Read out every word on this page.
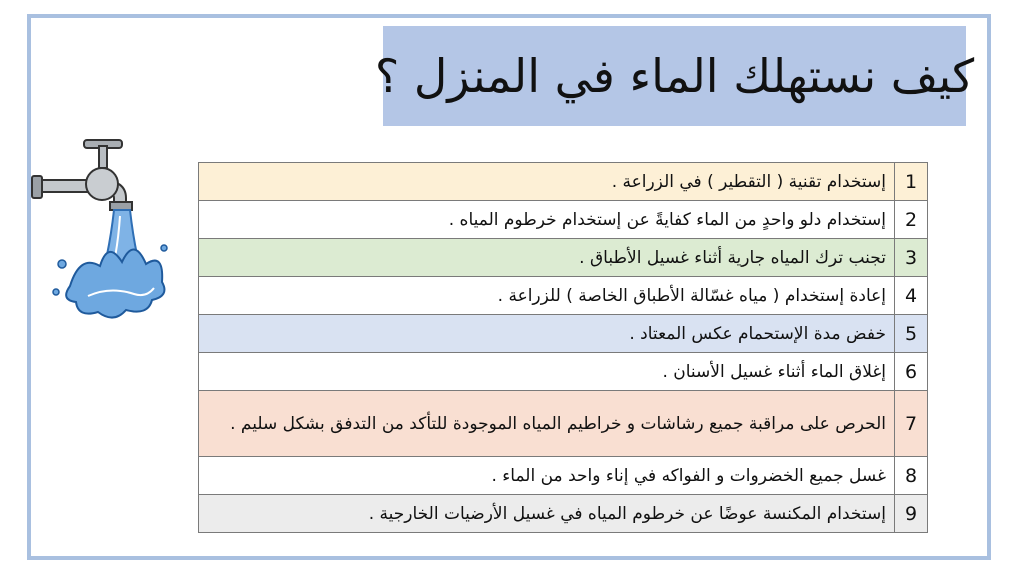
كيف نستهلك الماء في المنزل ؟
1	إستخدام تقنية ( التقطير ) في الزراعة .
2	إستخدام دلو واحدٍ من الماء كفايةً عن إستخدام خرطوم المياه .
3	تجنب ترك المياه جارية أثناء غسيل الأطباق .
4	إعادة إستخدام ( مياه غسّالة الأطباق الخاصة ) للزراعة .
5	خفض مدة الإستحمام عكس المعتاد .
6	إغلاق الماء أثناء غسيل الأسنان .
7	الحرص على مراقبة جميع رشاشات و خراطيم المياه الموجودة للتأكد من التدفق بشكل سليم .
8	غسل جميع الخضروات و الفواكه في إناء واحد من الماء .
9	إستخدام المكنسة عوضًا عن خرطوم المياه في غسيل الأرضيات الخارجية .
